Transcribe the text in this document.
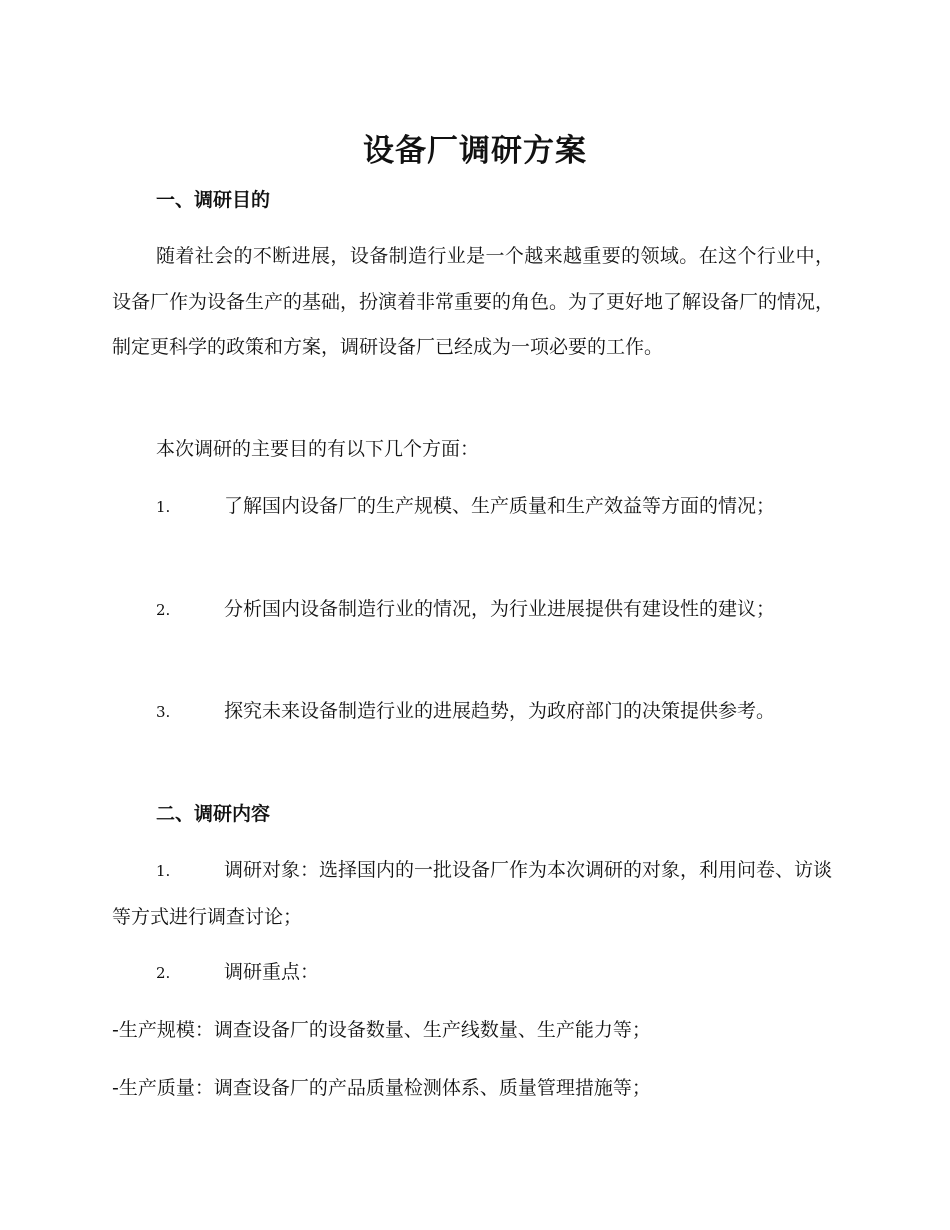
设备厂调研方案
一、调研目的
随着社会的不断进展，设备制造行业是一个越来越重要的领域。在这个行业中，设备厂作为设备生产的基础，扮演着非常重要的角色。为了更好地了解设备厂的情况，制定更科学的政策和方案，调研设备厂已经成为一项必要的工作。
本次调研的主要目的有以下几个方面：
1.	了解国内设备厂的生产规模、生产质量和生产效益等方面的情况；
2.	分析国内设备制造行业的情况，为行业进展提供有建设性的建议；
3.	探究未来设备制造行业的进展趋势，为政府部门的决策提供参考。
二、调研内容
1.	调研对象：选择国内的一批设备厂作为本次调研的对象，利用问卷、访谈等方式进行调查讨论；
2.	调研重点：
-生产规模：调查设备厂的设备数量、生产线数量、生产能力等；
-生产质量：调查设备厂的产品质量检测体系、质量管理措施等；
